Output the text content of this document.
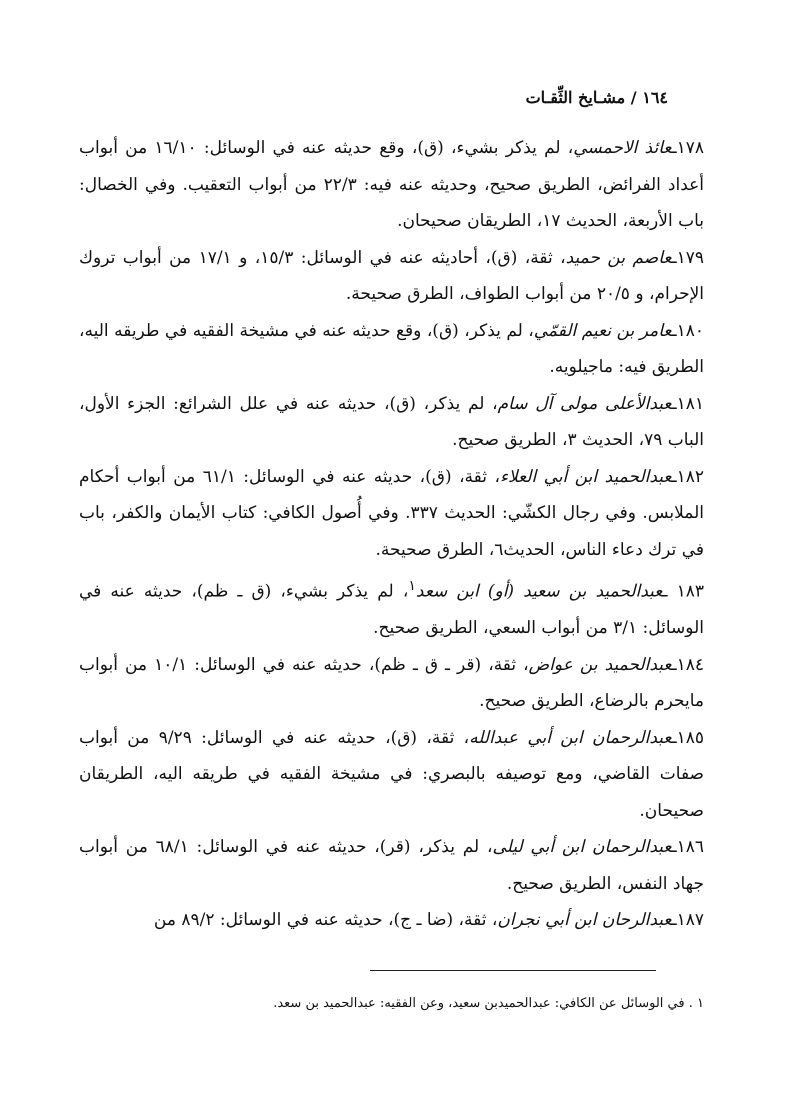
١٦٤ / مشـايخ الثِّقـات

١٧٨ـعائذ الاحمسي، لم يذكر بشيء، (ق)، وقع حديثه عنه في الوسائل: ١٦/١٠ من أبواب أعداد الفرائض، الطريق صحيح، وحديثه عنه فيه: ٢٢/٣ من أبواب التعقيب. وفي الخصال: باب الأربعة، الحديث ١٧، الطريقان صحيحان.

١٧٩ـعاصم بن حميد، ثقة، (ق)، أحاديثه عنه في الوسائل: ١٥/٣، و ١٧/١ من أبواب تروك الإحرام، و ٢٠/٥ من أبواب الطواف، الطرق صحيحة.

١٨٠ـعامر بن نعيم القمّي، لم يذكر، (ق)، وقع حديثه عنه في مشيخة الفقيه في طريقه اليه، الطريق فيه: ماجيلويه.

١٨١ـعبدالأعلى مولى آل سام، لم يذكر، (ق)، حديثه عنه في علل الشرائع: الجزء الأول، الباب ٧٩، الحديث ٣، الطريق صحيح.

١٨٢ـعبدالحميد ابن أبي العلاء، ثقة، (ق)، حديثه عنه في الوسائل: ٦١/١ من أبواب أحكام الملابس. وفي رجال الكشّي: الحديث ٣٣٧. وفي أُصول الكافي: كتاب الأيمان والكفر، باب في ترك دعاء الناس، الحديث٦، الطرق صحيحة.

١٨٣ ـعبدالحميد بن سعيد (أو) ابن سعد$^١$، لم يذكر بشيء، (ق ـ ظم)، حديثه عنه في الوسائل: ٣/١ من أبواب السعي، الطريق صحيح.

١٨٤ـعبدالحميد بن عواض، ثقة، (قر ـ ق ـ ظم)، حديثه عنه في الوسائل: ١٠/١ من أبواب مايحرم بالرضاع، الطريق صحيح.

١٨٥ـعبدالرحمان ابن أبي عبدالله، ثقة، (ق)، حديثه عنه في الوسائل: ٩/٢٩ من أبواب صفات القاضي، ومع توصيفه بالبصري: في مشيخة الفقيه في طريقه اليه، الطريقان صحيحان.

١٨٦ـعبدالرحمان ابن أبي ليلى، لم يذكر، (قر)، حديثه عنه في الوسائل: ٦٨/١ من أبواب جهاد النفس، الطريق صحيح.

١٨٧ـعبدالرحان ابن أبي نجران، ثقة، (ضا ـ ج)، حديثه عنه في الوسائل: ٨٩/٢ من

١ . في الوسائل عن الكافي: عبدالحميدبن سعيد، وعن الفقيه: عبدالحميد بن سعد.
